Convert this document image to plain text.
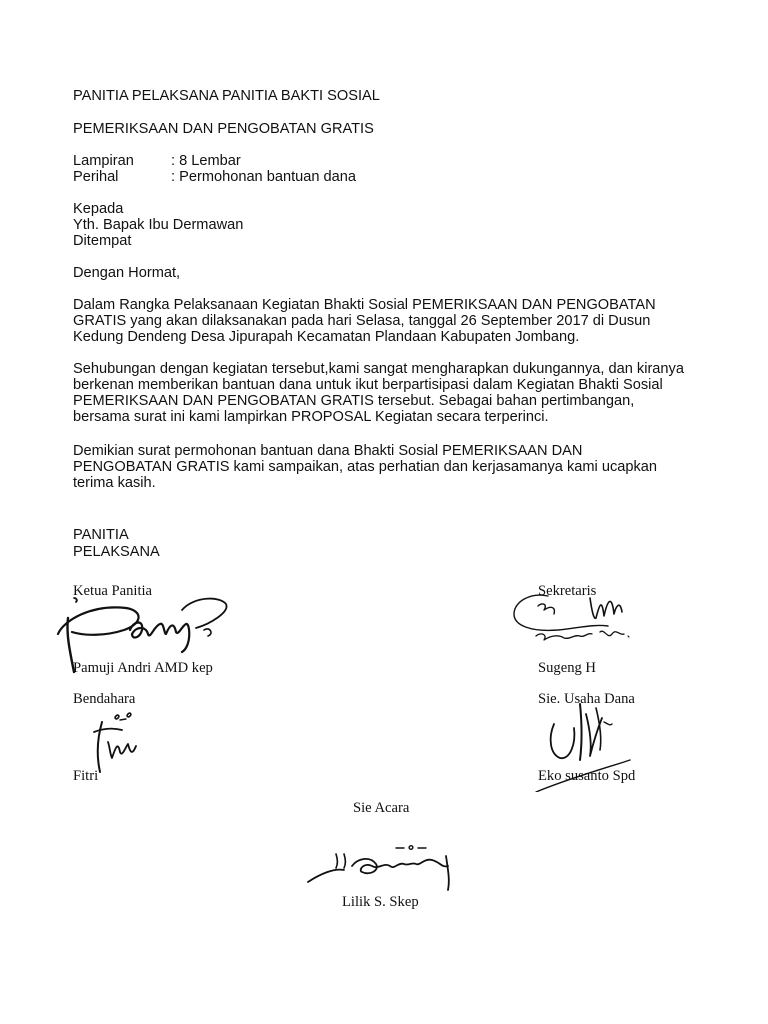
PANITIA PELAKSANA PANITIA BAKTI SOSIAL
PEMERIKSAAN DAN PENGOBATAN GRATIS
Lampiran	: 8 Lembar
Perihal	: Permohonan bantuan dana
Kepada
Yth. Bapak Ibu Dermawan
Ditempat
Dengan Hormat,
Dalam Rangka Pelaksanaan Kegiatan Bhakti Sosial PEMERIKSAAN DAN PENGOBATAN
GRATIS yang akan dilaksanakan pada hari Selasa, tanggal 26 September 2017 di Dusun
Kedung Dendeng Desa Jipurapah Kecamatan Plandaan Kabupaten Jombang.
Sehubungan dengan kegiatan tersebut,kami sangat mengharapkan dukungannya, dan kiranya
berkenan memberikan bantuan dana untuk ikut berpartisipasi dalam Kegiatan Bhakti Sosial
PEMERIKSAAN DAN PENGOBATAN GRATIS tersebut. Sebagai bahan pertimbangan,
bersama surat ini kami lampirkan PROPOSAL Kegiatan secara terperinci.
Demikian surat permohonan bantuan dana Bhakti Sosial PEMERIKSAAN DAN
PENGOBATAN GRATIS kami sampaikan, atas perhatian dan kerjasamanya kami ucapkan
terima kasih.
PANITIA
PELAKSANA
Ketua Panitia
Pamuji Andri AMD kep
Sekretaris
Sugeng H
Bendahara
Fitri
Sie. Usaha Dana
Eko susanto Spd
Sie Acara
Lilik S. Skep
